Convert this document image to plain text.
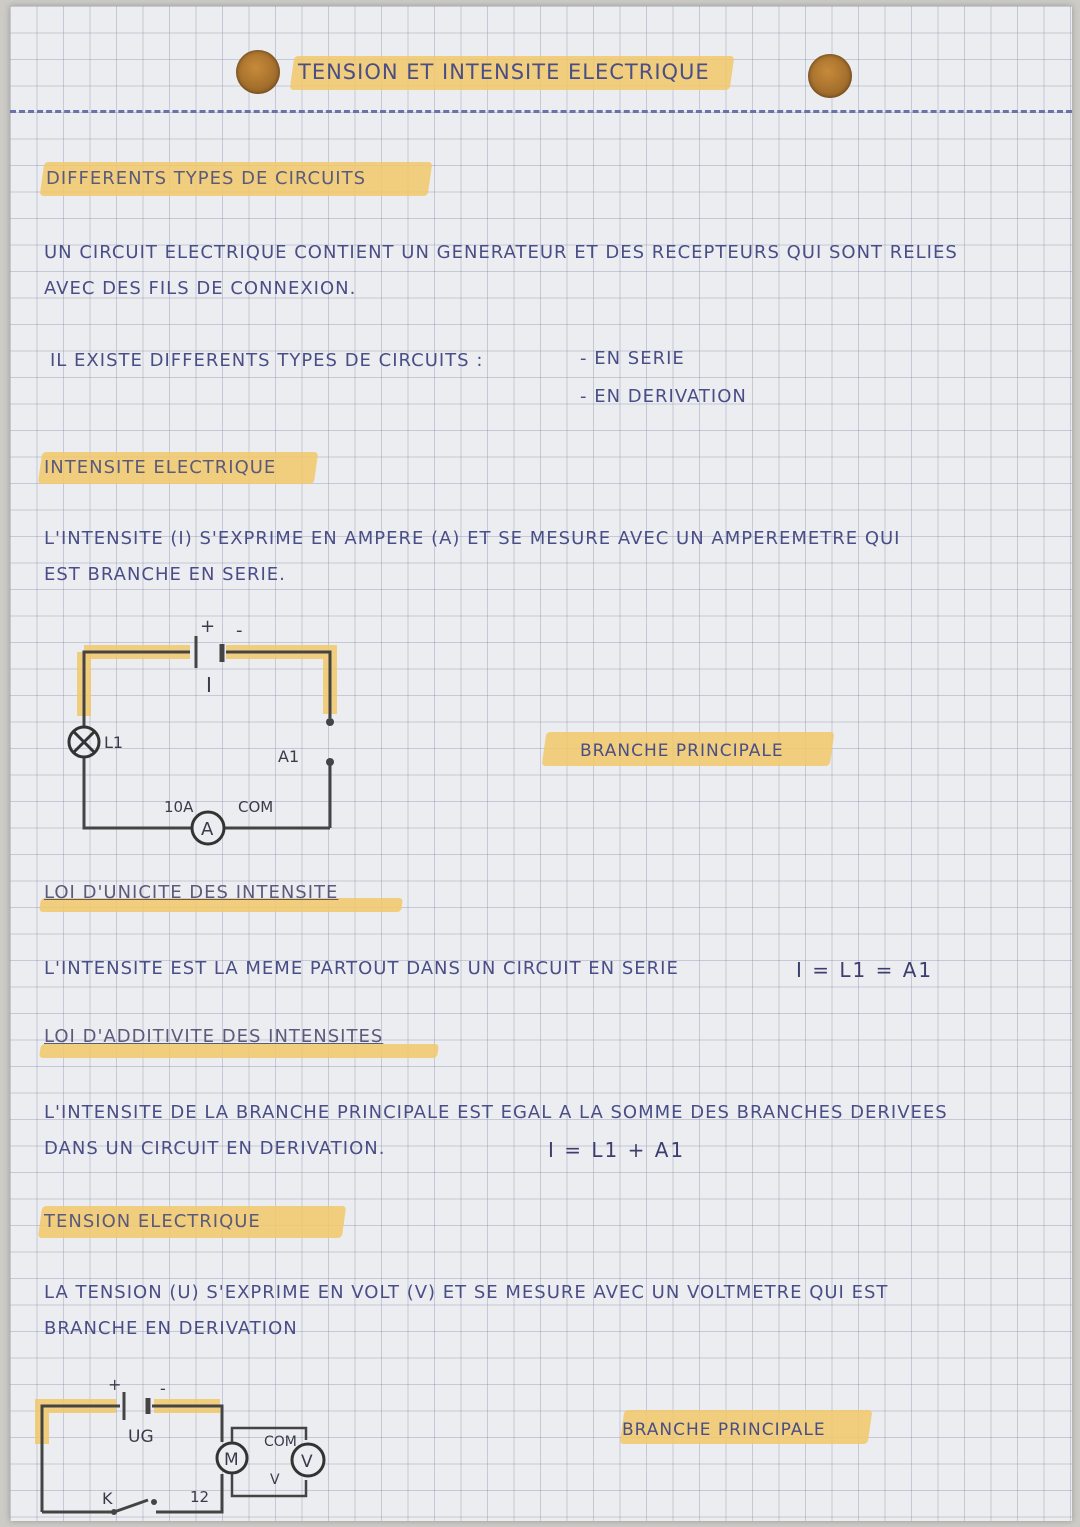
TENSION ET INTENSITE ELECTRIQUE
DIFFERENTS TYPES DE CIRCUITS
UN CIRCUIT ELECTRIQUE CONTIENT UN GENERATEUR ET DES RECEPTEURS QUI SONT RELIES
AVEC DES FILS DE CONNEXION.
IL EXISTE DIFFERENTS TYPES DE CIRCUITS :	- EN SERIE
- EN DERIVATION
INTENSITE ELECTRIQUE
L'INTENSITE (I) S'EXPRIME EN AMPERE (A) ET SE MESURE AVEC UN AMPEREMETRE QUI
EST BRANCHE EN SERIE.
+ -
I
L1
A1
10A
A
COM
BRANCHE PRINCIPALE
LOI D'UNICITE DES INTENSITE
L'INTENSITE EST LA MEME PARTOUT DANS UN CIRCUIT EN SERIE	I = L1 = A1
LOI D'ADDITIVITE DES INTENSITES
L'INTENSITE DE LA BRANCHE PRINCIPALE EST EGAL A LA SOMME DES BRANCHES DERIVEES
DANS UN CIRCUIT EN DERIVATION.	I = L1 + A1
TENSION ELECTRIQUE
LA TENSION (U) S'EXPRIME EN VOLT (V) ET SE MESURE AVEC UN VOLTMETRE QUI EST
BRANCHE EN DERIVATION
+ -
UG
M
COM
V
V
K	12
BRANCHE PRINCIPALE
